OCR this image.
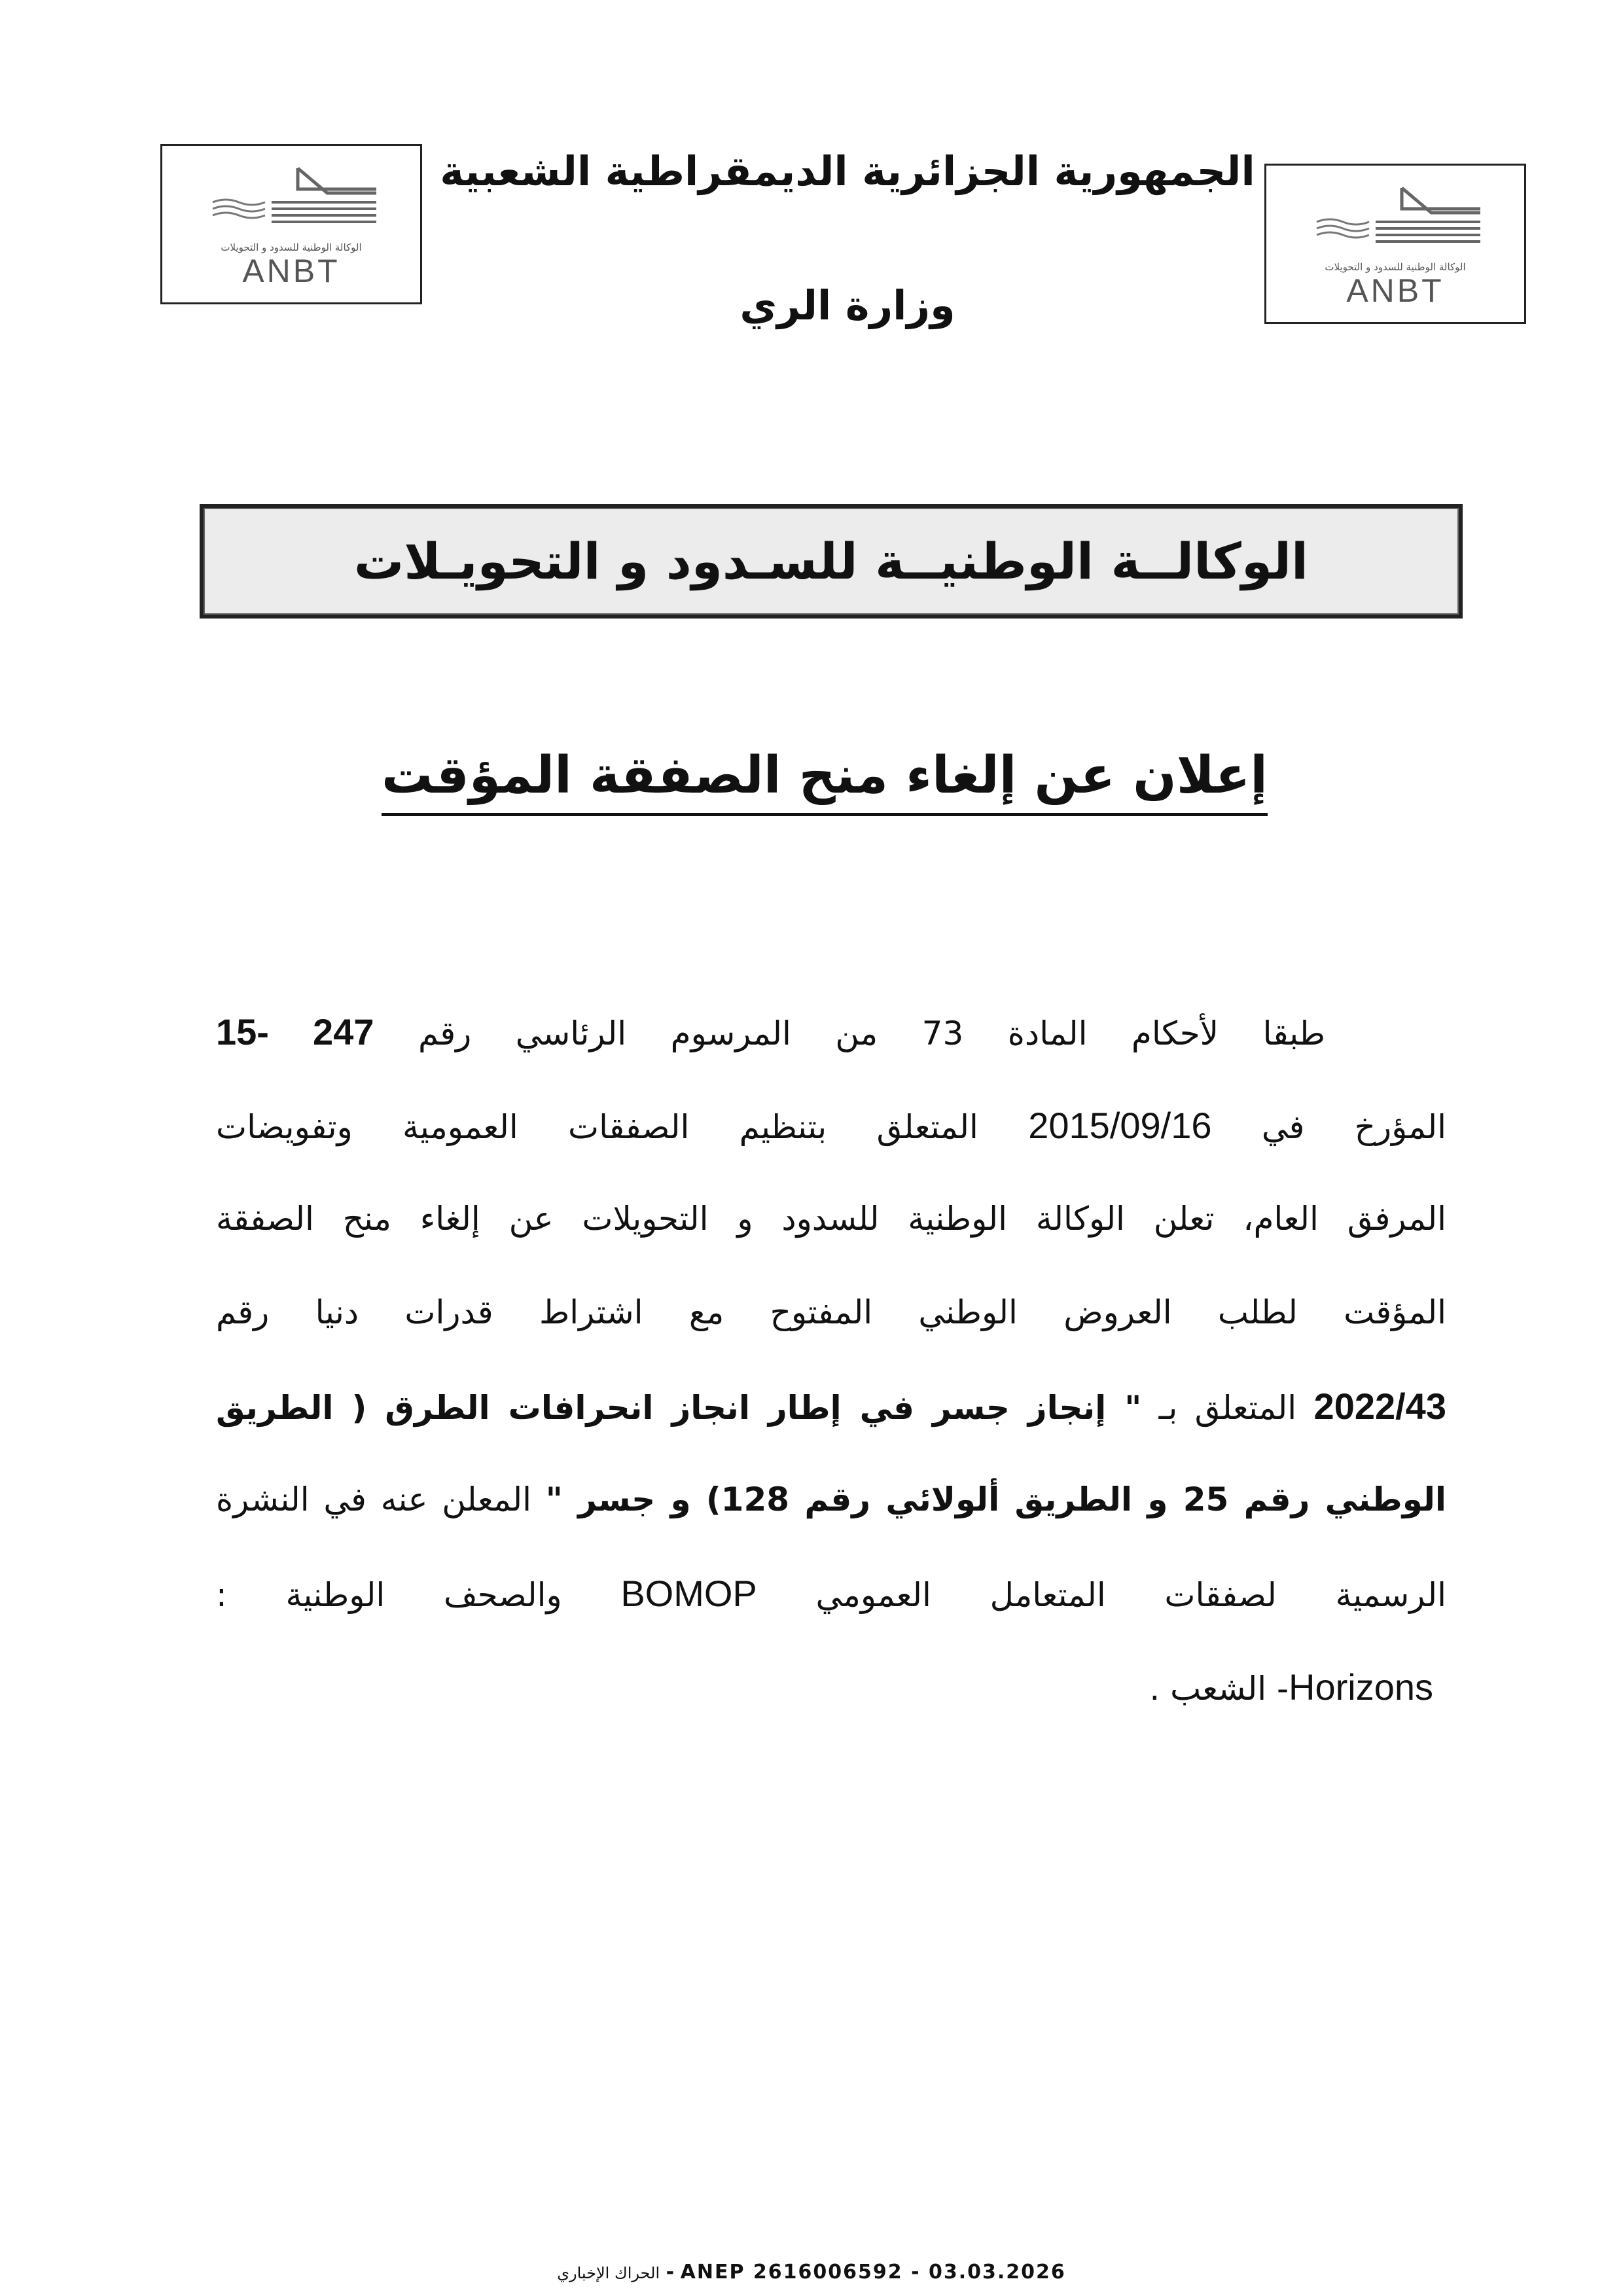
الوكالة الوطنية للسدود و التحويلات
ANBT	الوكالة الوطنية للسدود و التحويلات
ANBT
الجمهورية الجزائرية الديمقراطية الشعبية
وزارة الري
الوكالــة الوطنيــة للسـدود و التحويـلات
إعلان عن إلغاء منح الصفقة المؤقت
طبقا لأحكام المادة 73 من المرسوم الرئاسي رقم 15- 247
المؤرخ في 2015/09/16 المتعلق بتنظيم الصفقات العمومية وتفويضات
المرفق العام، تعلن الوكالة الوطنية للسدود و التحويلات عن إلغاء منح الصفقة
المؤقت لطلب العروض الوطني المفتوح مع اشتراط قدرات دنيا رقم
2022/43 المتعلق بـ " إنجاز جسر في إطار انجاز انحرافات الطرق ( الطريق
الوطني رقم 25 و الطريق ألولائي رقم 128) و جسر " المعلن عنه في النشرة
الرسمية لصفقات المتعامل العمومي BOMOP والصحف الوطنية :
Horizons- الشعب .
الحراك الإخباري - ANEP 2616006592 - 03.03.2026
